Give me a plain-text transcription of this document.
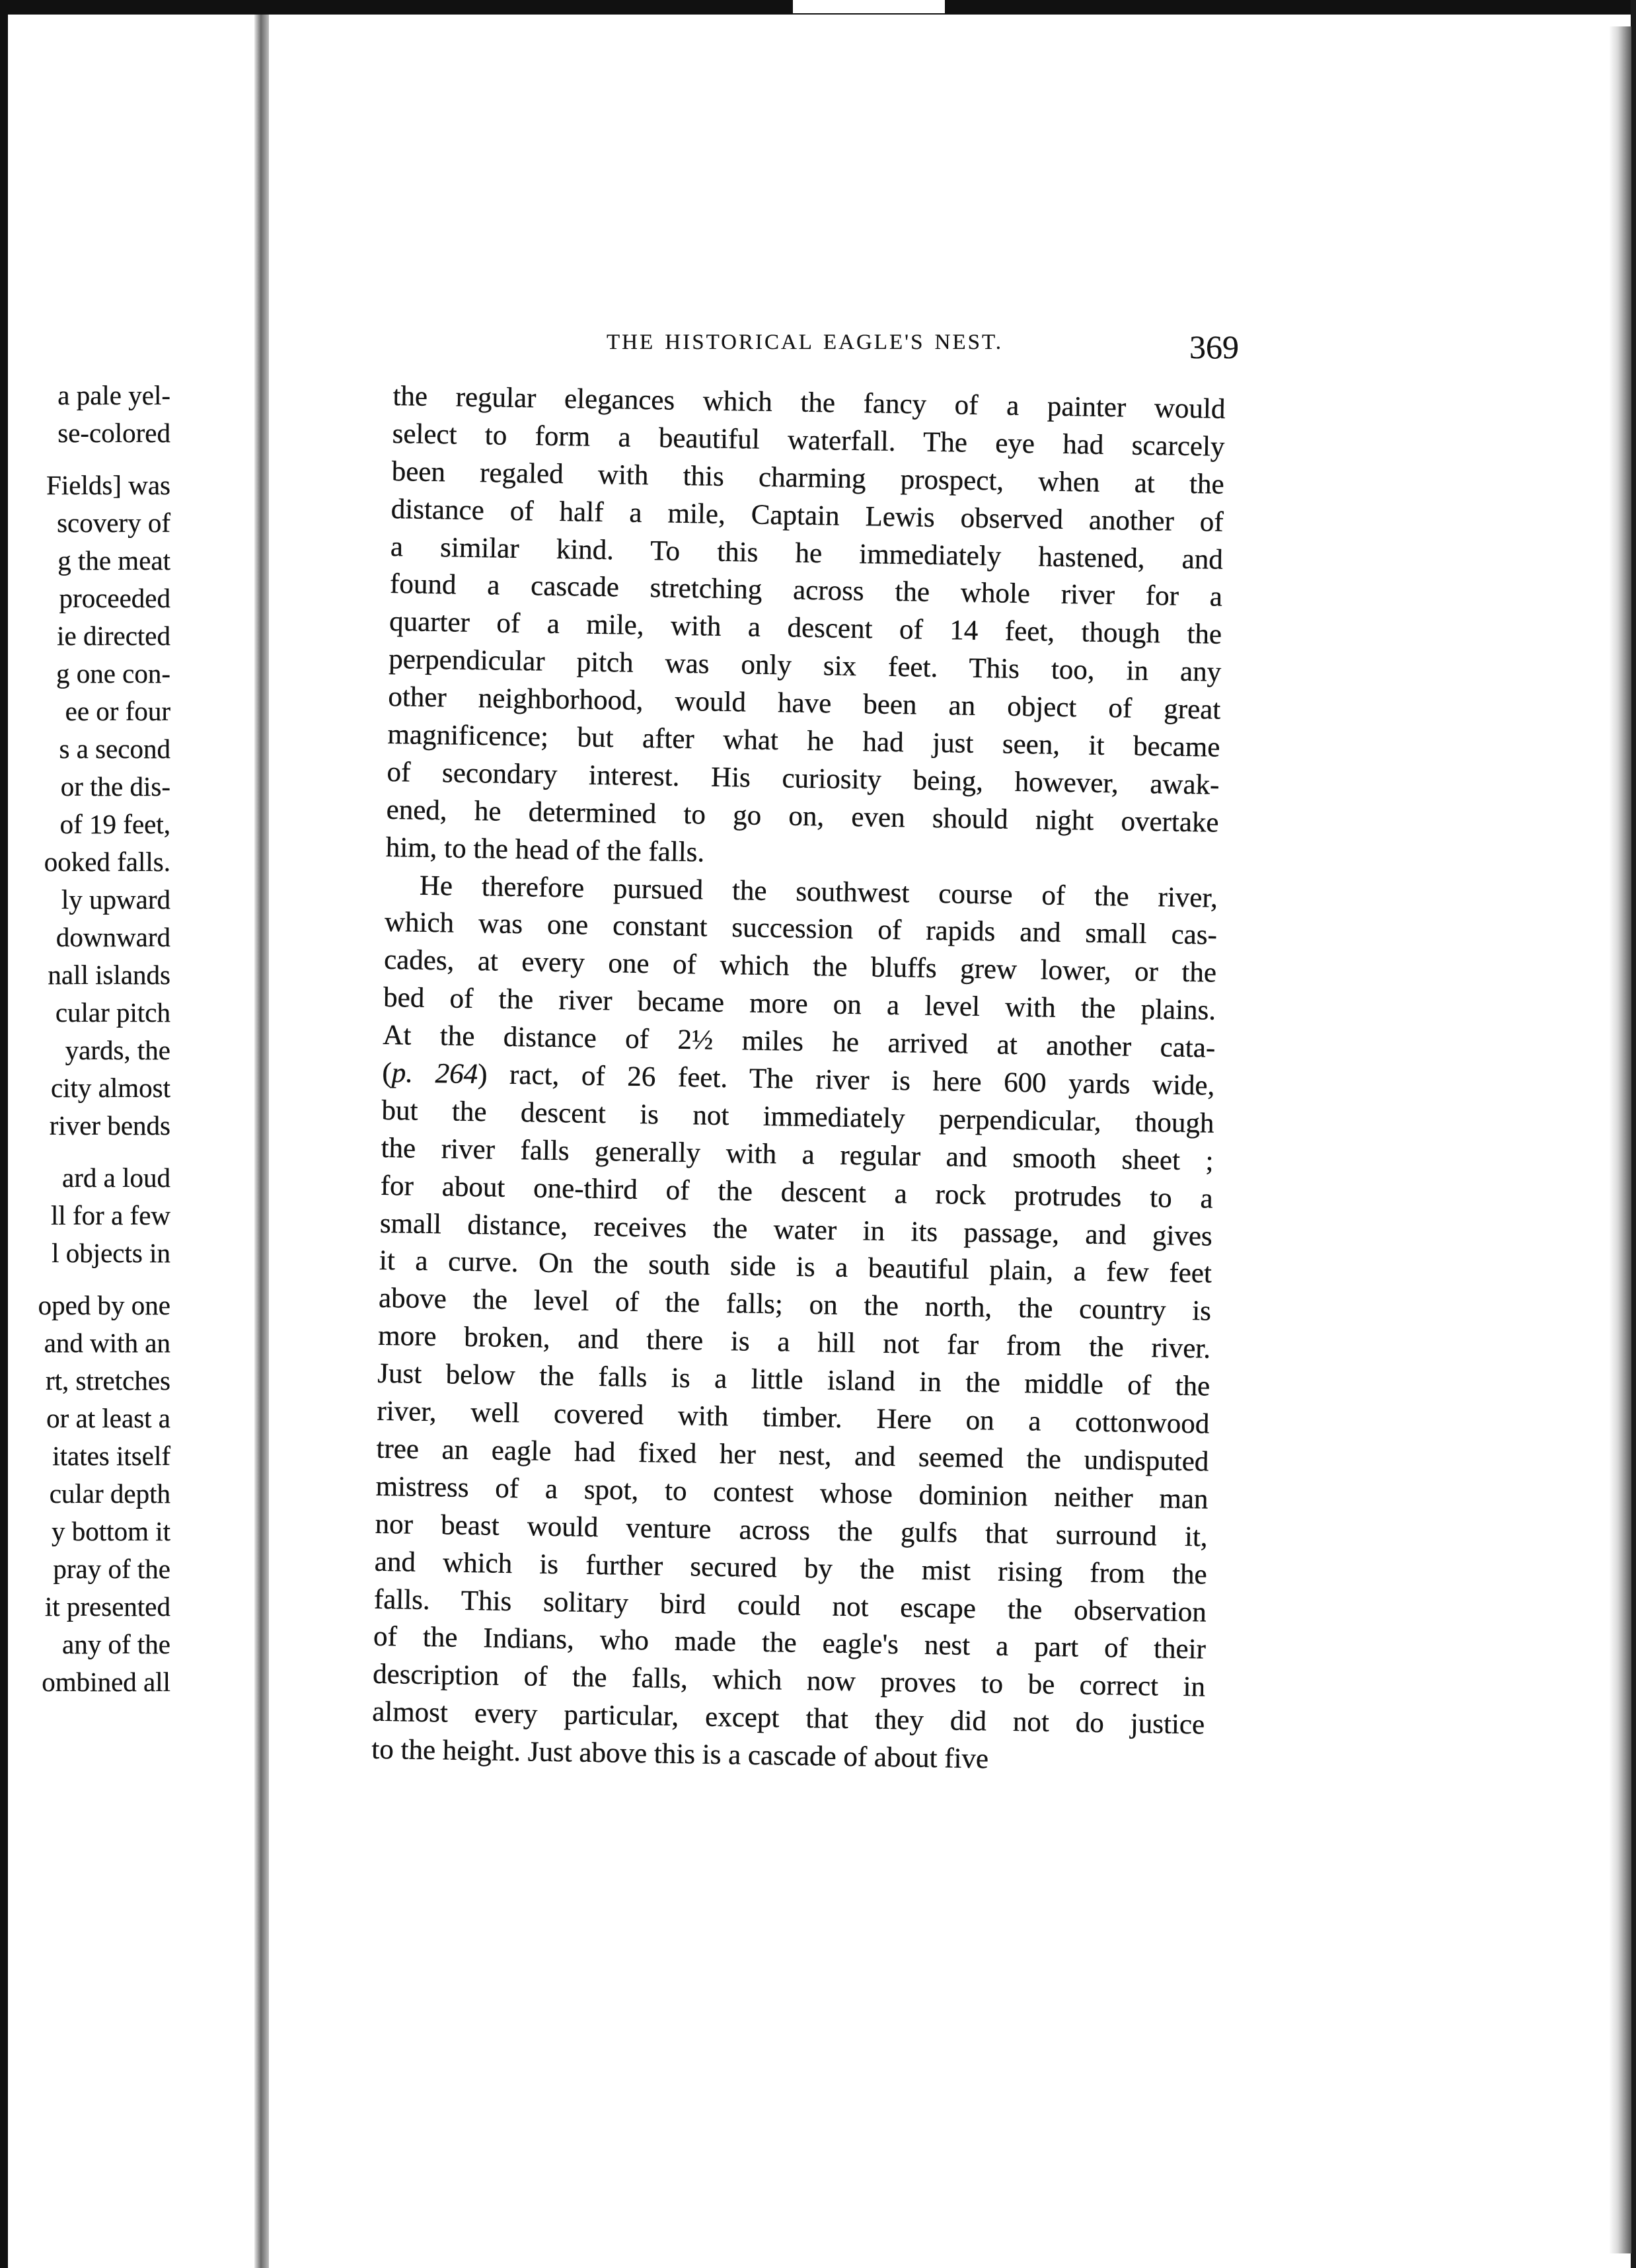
a pale yel-
se-colored
Fields] was
scovery of
g the meat
proceeded
ie directed
g one con-
ee or four
s a second
or the dis-
of 19 feet,
ooked falls.
ly upward
downward
nall islands
cular pitch
yards, the
city almost
river bends
ard a loud
ll for a few
l objects in
oped by one
and with an
rt, stretches
or at least a
itates itself
cular depth
y bottom it
pray of the
it presented
any of the
ombined all
THE HISTORICAL EAGLE'S NEST.	369
the regular elegances which the fancy of a painter would
select to form a beautiful waterfall. The eye had scarcely
been regaled with this charming prospect, when at the
distance of half a mile, Captain Lewis observed another of
a similar kind. To this he immediately hastened, and
found a cascade stretching across the whole river for a
quarter of a mile, with a descent of 14 feet, though the
perpendicular pitch was only six feet. This too, in any
other neighborhood, would have been an object of great
magnificence; but after what he had just seen, it became
of secondary interest. His curiosity being, however, awak-
ened, he determined to go on, even should night overtake
him, to the head of the falls.
He therefore pursued the southwest course of the river,
which was one constant succession of rapids and small cas-
cades, at every one of which the bluffs grew lower, or the
bed of the river became more on a level with the plains.
At the distance of 2½ miles he arrived at another cata-
(p. 264) ract, of 26 feet. The river is here 600 yards wide,
but the descent is not immediately perpendicular, though
the river falls generally with a regular and smooth sheet ;
for about one-third of the descent a rock protrudes to a
small distance, receives the water in its passage, and gives
it a curve. On the south side is a beautiful plain, a few feet
above the level of the falls; on the north, the country is
more broken, and there is a hill not far from the river.
Just below the falls is a little island in the middle of the
river, well covered with timber. Here on a cottonwood
tree an eagle had fixed her nest, and seemed the undisputed
mistress of a spot, to contest whose dominion neither man
nor beast would venture across the gulfs that surround it,
and which is further secured by the mist rising from the
falls. This solitary bird could not escape the observation
of the Indians, who made the eagle's nest a part of their
description of the falls, which now proves to be correct in
almost every particular, except that they did not do justice
to the height. Just above this is a cascade of about five
